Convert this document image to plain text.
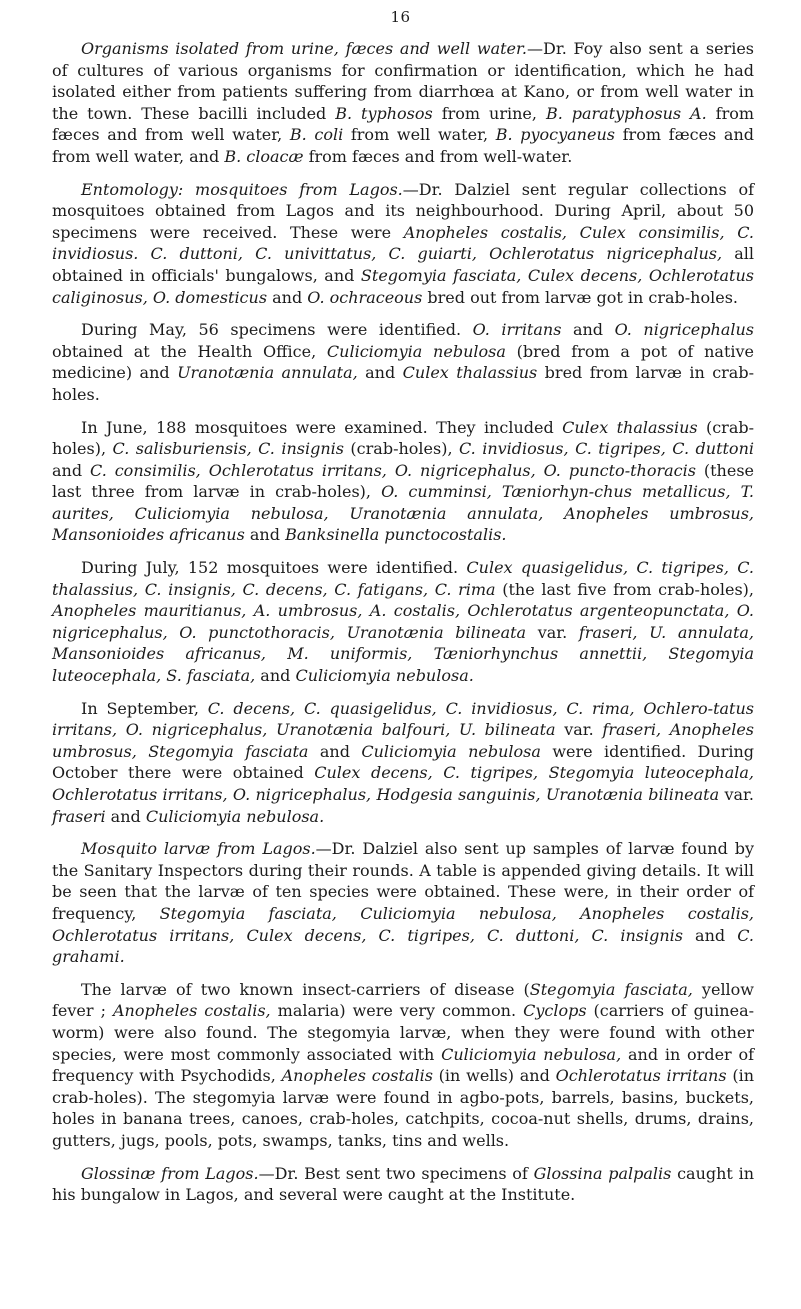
16

Organisms isolated from urine, fæces and well water.—Dr. Foy also sent a series of cultures of various organisms for confirmation or identification, which he had isolated either from patients suffering from diarrhœa at Kano, or from well water in the town. These bacilli included B. typhosos from urine, B. paratyphosus A. from fæces and from well water, B. coli from well water, B. pyocyaneus from fæces and from well water, and B. cloacæ from fæces and from well-water.

Entomology: mosquitoes from Lagos.—Dr. Dalziel sent regular collections of mosquitoes obtained from Lagos and its neighbourhood. During April, about 50 specimens were received. These were Anopheles costalis, Culex consimilis, C. invidiosus. C. duttoni, C. univittatus, C. guiarti, Ochlerotatus nigricephalus, all obtained in officials' bungalows, and Stegomyia fasciata, Culex decens, Ochlerotatus caliginosus, O. domesticus and O. ochraceous bred out from larvæ got in crab-holes.

During May, 56 specimens were identified. O. irritans and O. nigricephalus obtained at the Health Office, Culiciomyia nebulosa (bred from a pot of native medicine) and Uranotænia annulata, and Culex thalassius bred from larvæ in crab-holes.

In June, 188 mosquitoes were examined. They included Culex thalassius (crab-holes), C. salisburiensis, C. insignis (crab-holes), C. invidiosus, C. tigripes, C. duttoni and C. consimilis, Ochlerotatus irritans, O. nigricephalus, O. puncto-thoracis (these last three from larvæ in crab-holes), O. cumminsi, Tæniorhyn-chus metallicus, T. aurites, Culiciomyia nebulosa, Uranotænia annulata, Anopheles umbrosus, Mansonioides africanus and Banksinella punctocostalis.

During July, 152 mosquitoes were identified. Culex quasigelidus, C. tigripes, C. thalassius, C. insignis, C. decens, C. fatigans, C. rima (the last five from crab-holes), Anopheles mauritianus, A. umbrosus, A. costalis, Ochlerotatus argenteopunctata, O. nigricephalus, O. punctothoracis, Uranotænia bilineata var. fraseri, U. annulata, Mansonioides africanus, M. uniformis, Tæniorhynchus annettii, Stegomyia luteocephala, S. fasciata, and Culiciomyia nebulosa.

In September, C. decens, C. quasigelidus, C. invidiosus, C. rima, Ochlero-tatus irritans, O. nigricephalus, Uranotænia balfouri, U. bilineata var. fraseri, Anopheles umbrosus, Stegomyia fasciata and Culiciomyia nebulosa were identified. During October there were obtained Culex decens, C. tigripes, Stegomyia luteocephala, Ochlerotatus irritans, O. nigricephalus, Hodgesia sanguinis, Uranotænia bilineata var. fraseri and Culiciomyia nebulosa.

Mosquito larvæ from Lagos.—Dr. Dalziel also sent up samples of larvæ found by the Sanitary Inspectors during their rounds. A table is appended giving details. It will be seen that the larvæ of ten species were obtained. These were, in their order of frequency, Stegomyia fasciata, Culiciomyia nebulosa, Anopheles costalis, Ochlerotatus irritans, Culex decens, C. tigripes, C. duttoni, C. insignis and C. grahami.

The larvæ of two known insect-carriers of disease (Stegomyia fasciata, yellow fever ; Anopheles costalis, malaria) were very common. Cyclops (carriers of guinea-worm) were also found. The stegomyia larvæ, when they were found with other species, were most commonly associated with Culiciomyia nebulosa, and in order of frequency with Psychodids, Anopheles costalis (in wells) and Ochlerotatus irritans (in crab-holes). The stegomyia larvæ were found in agbo-pots, barrels, basins, buckets, holes in banana trees, canoes, crab-holes, catchpits, cocoa-nut shells, drums, drains, gutters, jugs, pools, pots, swamps, tanks, tins and wells.

Glossinæ from Lagos.—Dr. Best sent two specimens of Glossina palpalis caught in his bungalow in Lagos, and several were caught at the Institute.
